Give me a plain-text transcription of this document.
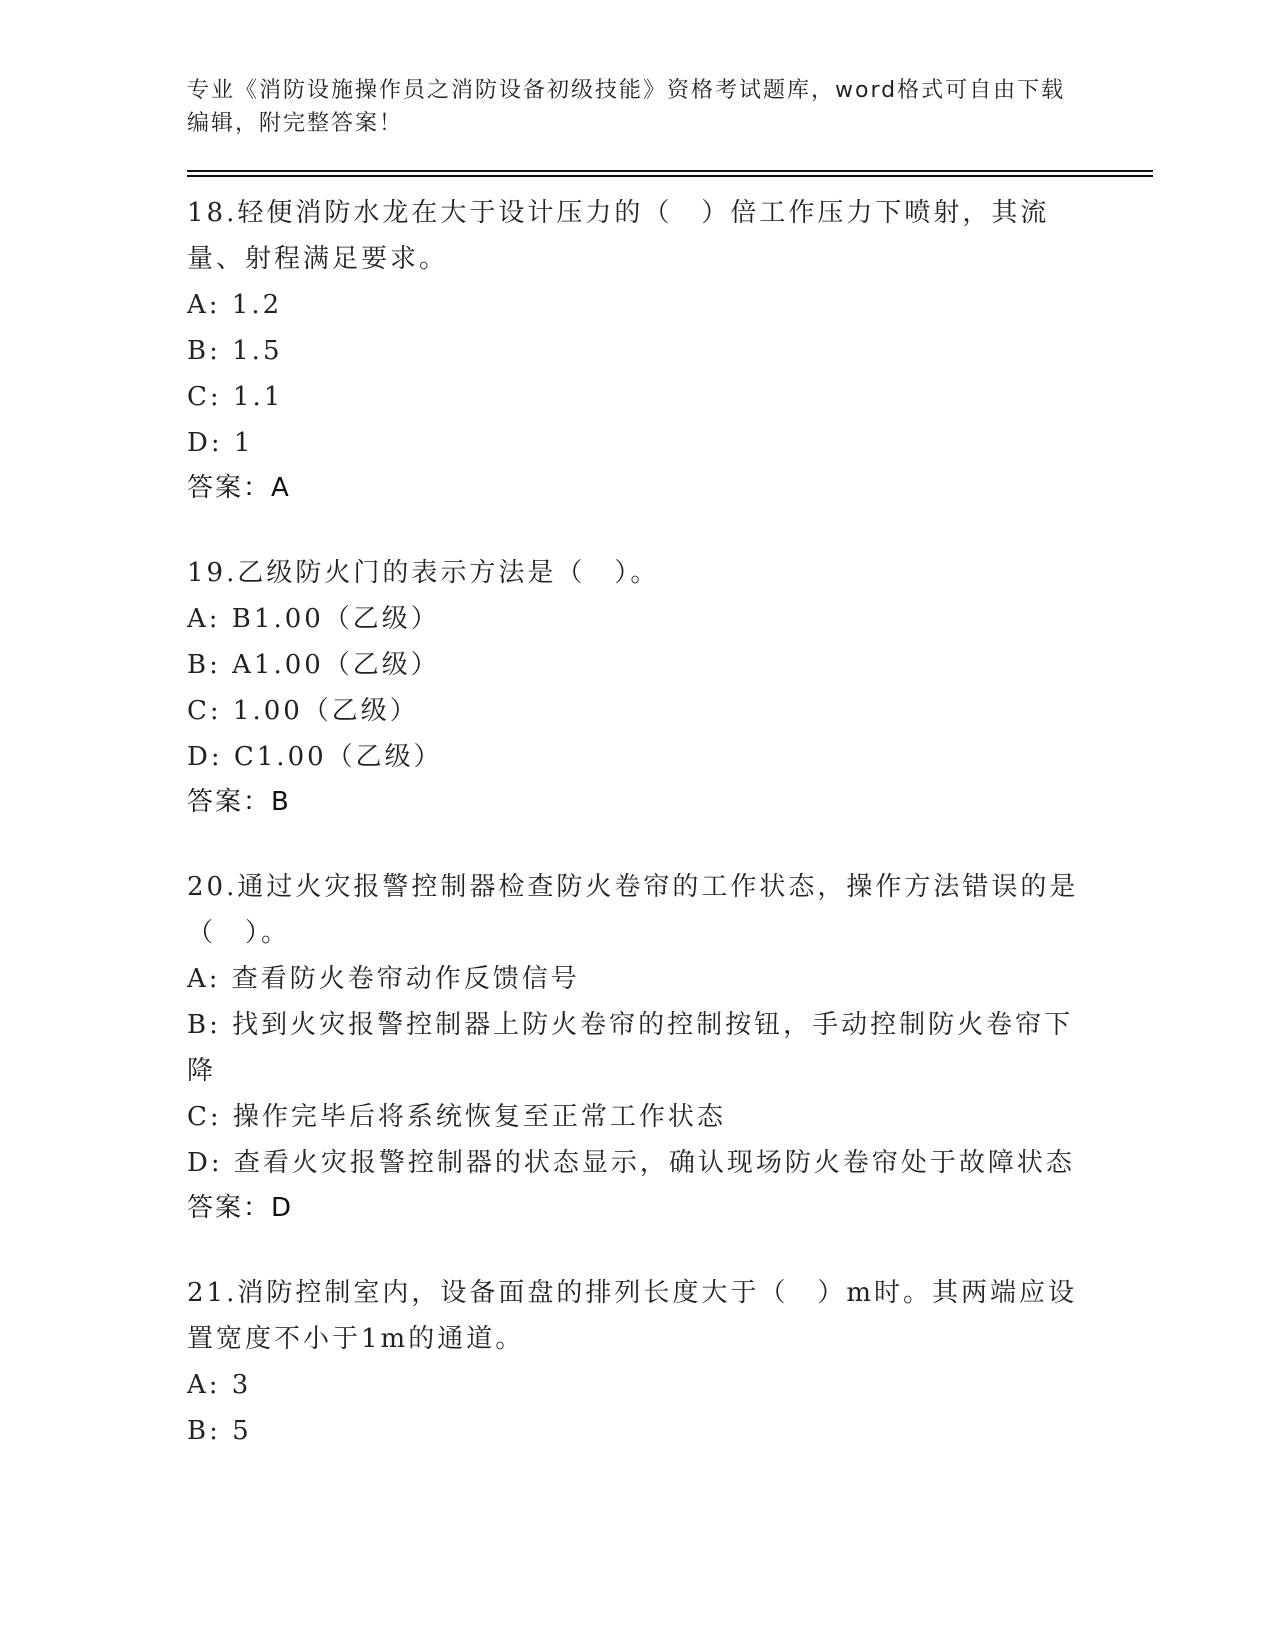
专业《消防设施操作员之消防设备初级技能》资格考试题库，word格式可自由下载编辑，附完整答案！
18.轻便消防水龙在大于设计压力的（　）倍工作压力下喷射，其流量、射程满足要求。
A: 1.2
B: 1.5
C: 1.1
D: 1
答案：A
19.乙级防火门的表示方法是（　）。
A: B1.00（乙级）
B: A1.00（乙级）
C: 1.00（乙级）
D: C1.00（乙级）
答案：B
20.通过火灾报警控制器检查防火卷帘的工作状态，操作方法错误的是（　）。
A: 查看防火卷帘动作反馈信号
B: 找到火灾报警控制器上防火卷帘的控制按钮，手动控制防火卷帘下降
C: 操作完毕后将系统恢复至正常工作状态
D: 查看火灾报警控制器的状态显示，确认现场防火卷帘处于故障状态
答案：D
21.消防控制室内，设备面盘的排列长度大于（　）m时。其两端应设置宽度不小于1m的通道。
A: 3
B: 5
